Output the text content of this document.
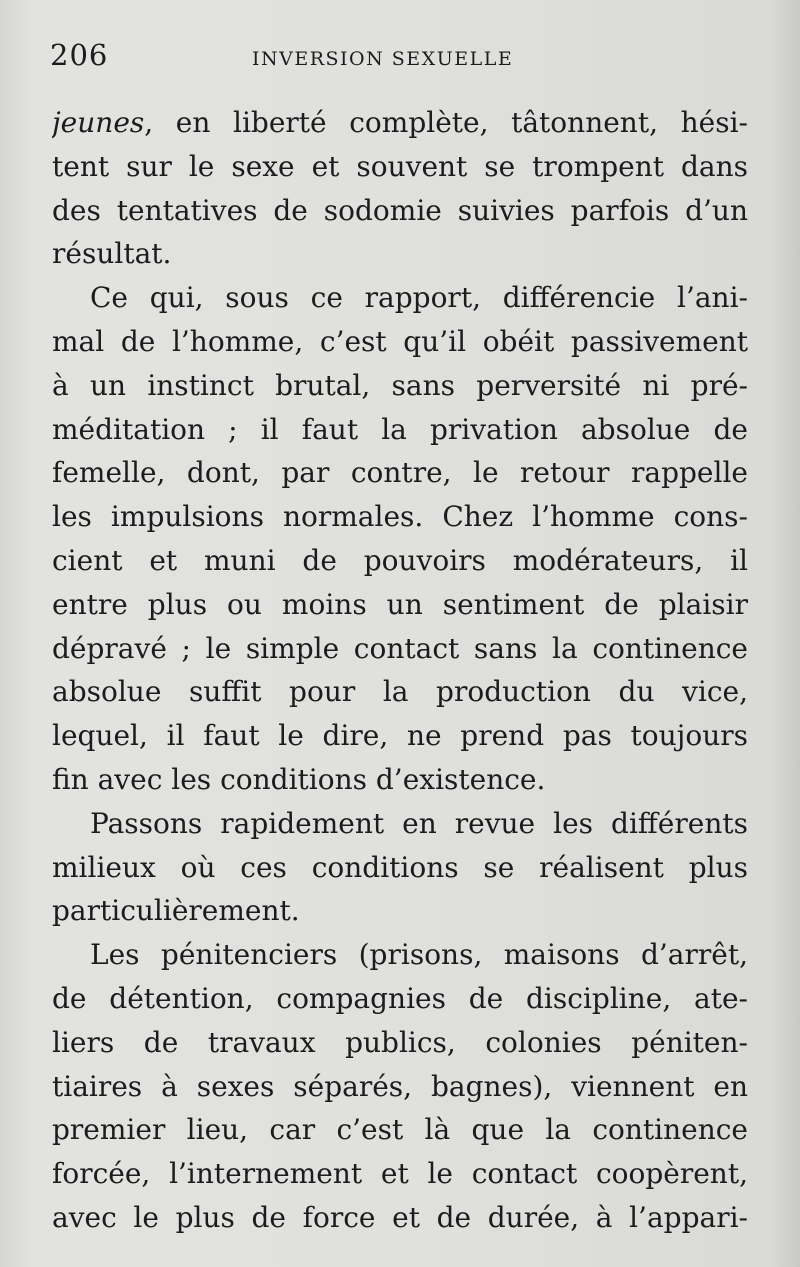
206	INVERSION SEXUELLE
jeunes, en liberté complète, tâtonnent, hési-
tent sur le sexe et souvent se trompent dans
des tentatives de sodomie suivies parfois d’un
résultat.
Ce qui, sous ce rapport, différencie l’ani-
mal de l’homme, c’est qu’il obéit passivement
à un instinct brutal, sans perversité ni pré-
méditation ; il faut la privation absolue de
femelle, dont, par contre, le retour rappelle
les impulsions normales. Chez l’homme cons-
cient et muni de pouvoirs modérateurs, il
entre plus ou moins un sentiment de plaisir
dépravé ; le simple contact sans la continence
absolue suffit pour la production du vice,
lequel, il faut le dire, ne prend pas toujours
fin avec les conditions d’existence.
Passons rapidement en revue les différents
milieux où ces conditions se réalisent plus
particulièrement.
Les pénitenciers (prisons, maisons d’arrêt,
de détention, compagnies de discipline, ate-
liers de travaux publics, colonies péniten-
tiaires à sexes séparés, bagnes), viennent en
premier lieu, car c’est là que la continence
forcée, l’internement et le contact coopèrent,
avec le plus de force et de durée, à l’appari-
